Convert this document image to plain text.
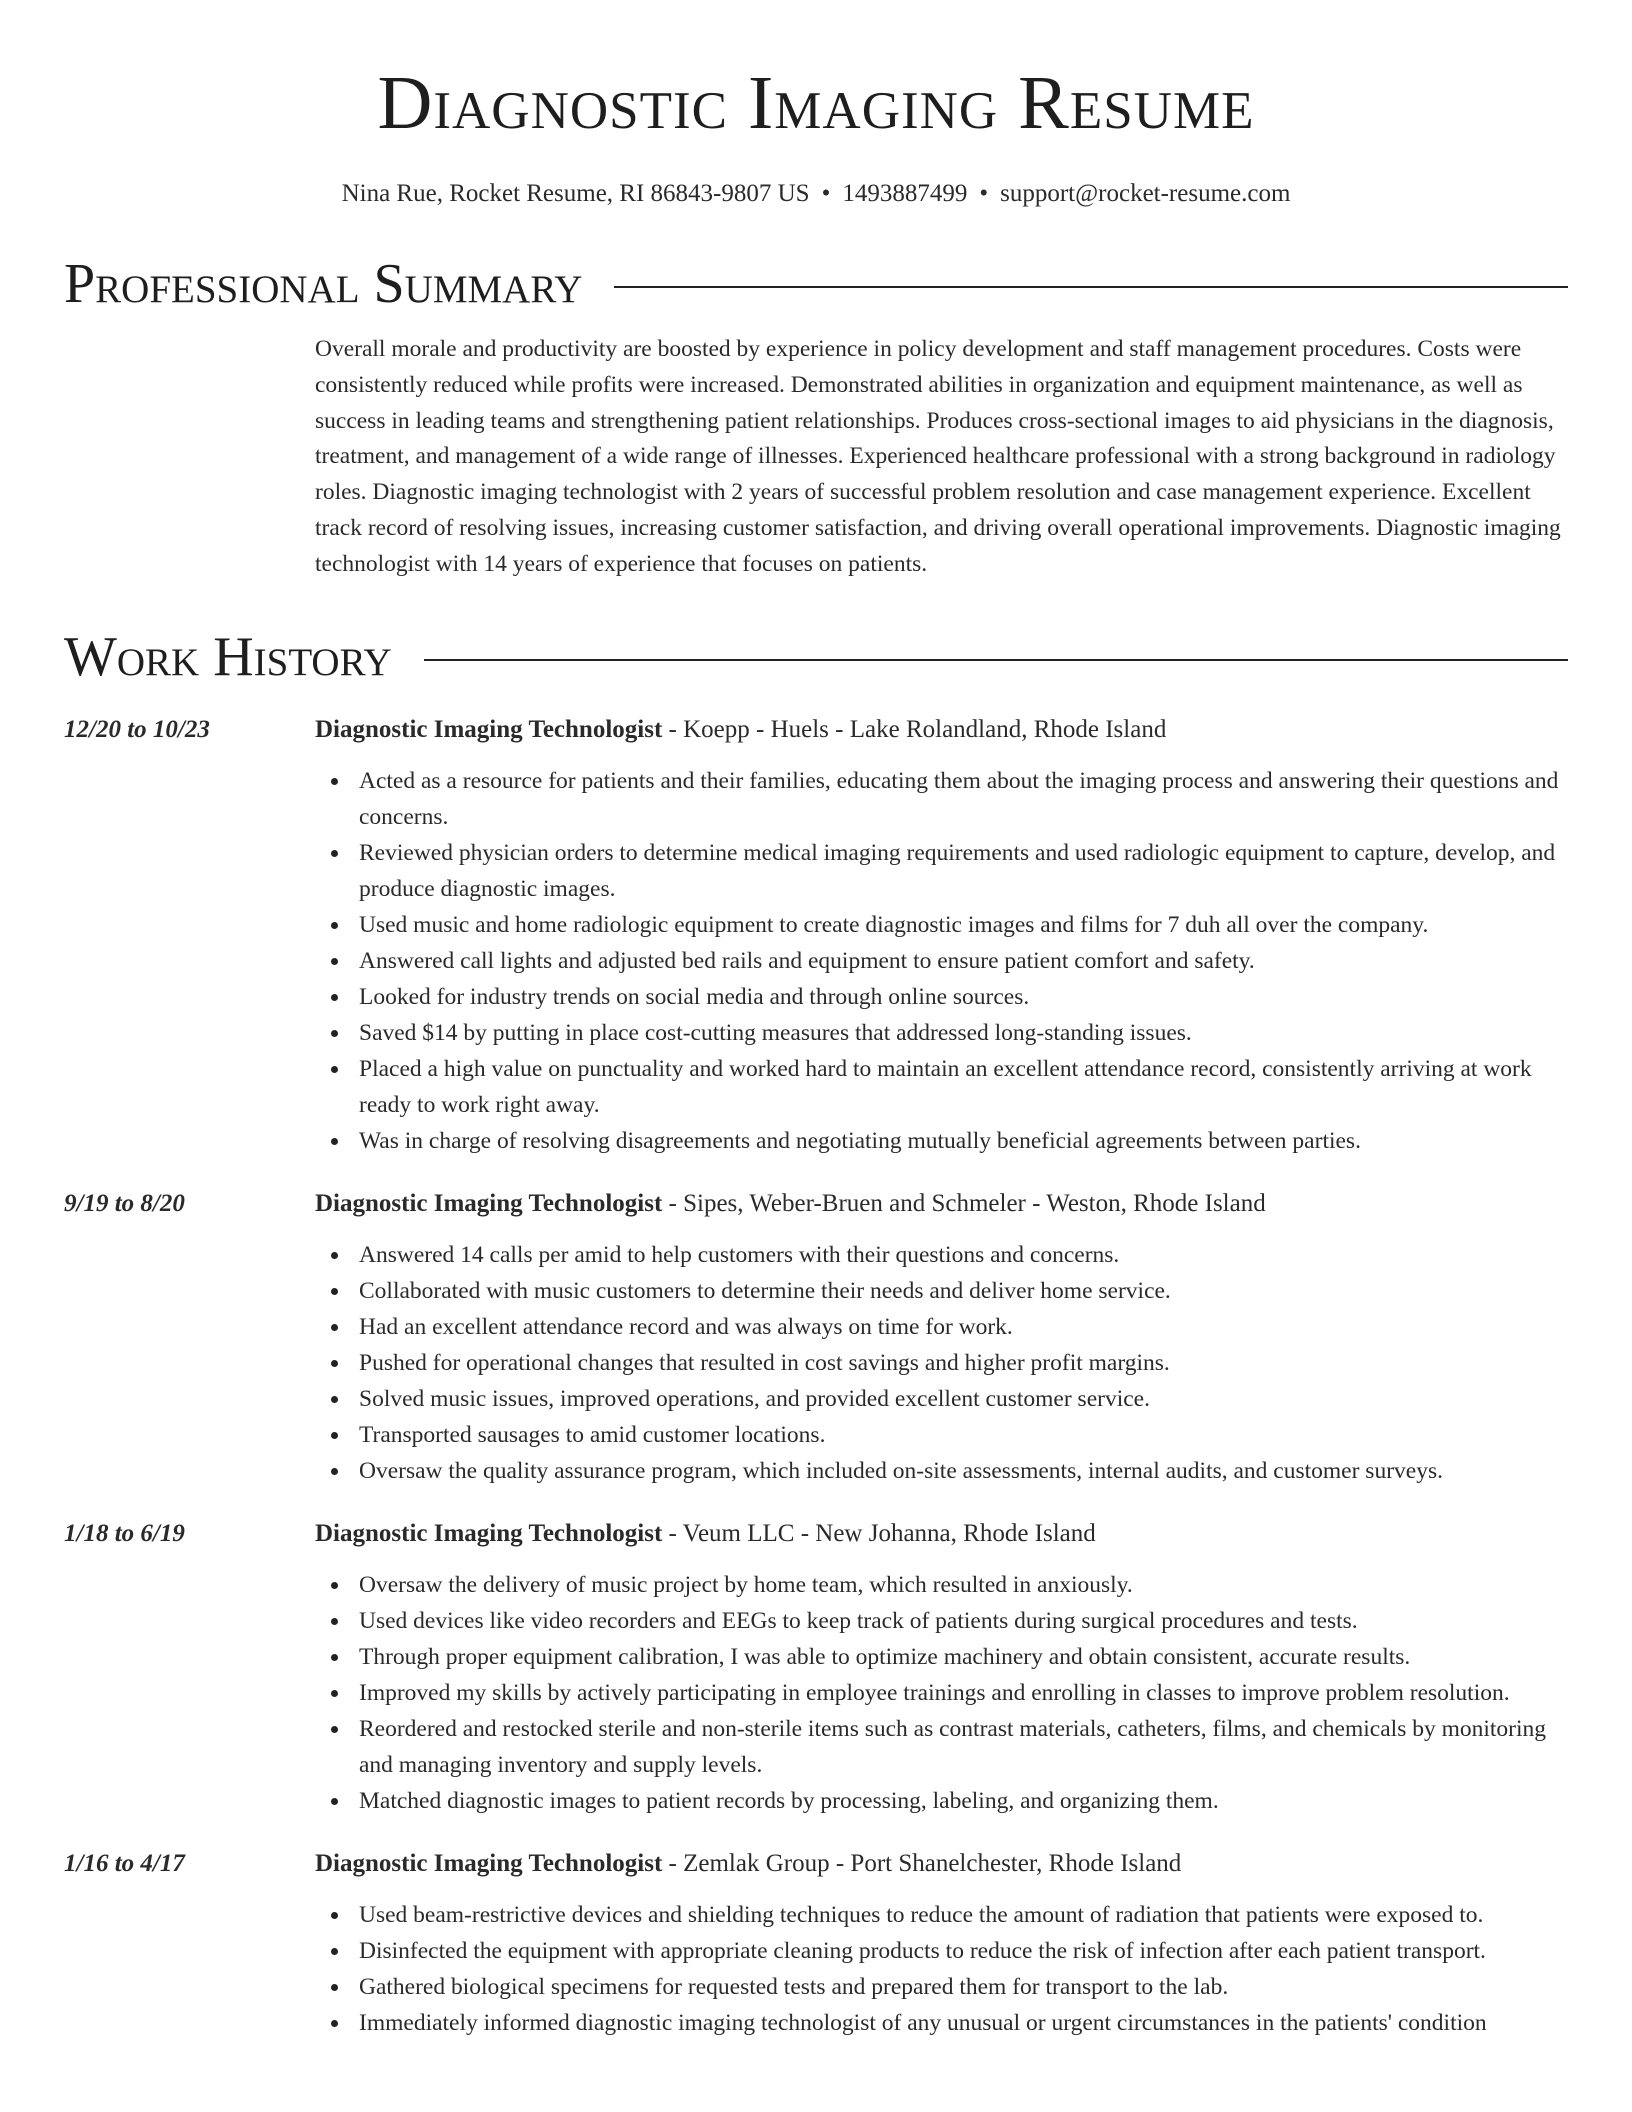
Diagnostic Imaging Resume
Nina Rue, Rocket Resume, RI 86843-9807 US • 1493887499 • support@rocket-resume.com
Professional Summary
Overall morale and productivity are boosted by experience in policy development and staff management procedures. Costs were consistently reduced while profits were increased. Demonstrated abilities in organization and equipment maintenance, as well as success in leading teams and strengthening patient relationships. Produces cross-sectional images to aid physicians in the diagnosis, treatment, and management of a wide range of illnesses. Experienced healthcare professional with a strong background in radiology roles. Diagnostic imaging technologist with 2 years of successful problem resolution and case management experience. Excellent track record of resolving issues, increasing customer satisfaction, and driving overall operational improvements. Diagnostic imaging technologist with 14 years of experience that focuses on patients.
Work History
12/20 to 10/23	Diagnostic Imaging Technologist - Koepp - Huels - Lake Rolandland, Rhode Island
Acted as a resource for patients and their families, educating them about the imaging process and answering their questions and concerns.
Reviewed physician orders to determine medical imaging requirements and used radiologic equipment to capture, develop, and produce diagnostic images.
Used music and home radiologic equipment to create diagnostic images and films for 7 duh all over the company.
Answered call lights and adjusted bed rails and equipment to ensure patient comfort and safety.
Looked for industry trends on social media and through online sources.
Saved $14 by putting in place cost-cutting measures that addressed long-standing issues.
Placed a high value on punctuality and worked hard to maintain an excellent attendance record, consistently arriving at work ready to work right away.
Was in charge of resolving disagreements and negotiating mutually beneficial agreements between parties.
9/19 to 8/20	Diagnostic Imaging Technologist - Sipes, Weber-Bruen and Schmeler - Weston, Rhode Island
Answered 14 calls per amid to help customers with their questions and concerns.
Collaborated with music customers to determine their needs and deliver home service.
Had an excellent attendance record and was always on time for work.
Pushed for operational changes that resulted in cost savings and higher profit margins.
Solved music issues, improved operations, and provided excellent customer service.
Transported sausages to amid customer locations.
Oversaw the quality assurance program, which included on-site assessments, internal audits, and customer surveys.
1/18 to 6/19	Diagnostic Imaging Technologist - Veum LLC - New Johanna, Rhode Island
Oversaw the delivery of music project by home team, which resulted in anxiously.
Used devices like video recorders and EEGs to keep track of patients during surgical procedures and tests.
Through proper equipment calibration, I was able to optimize machinery and obtain consistent, accurate results.
Improved my skills by actively participating in employee trainings and enrolling in classes to improve problem resolution.
Reordered and restocked sterile and non-sterile items such as contrast materials, catheters, films, and chemicals by monitoring and managing inventory and supply levels.
Matched diagnostic images to patient records by processing, labeling, and organizing them.
1/16 to 4/17	Diagnostic Imaging Technologist - Zemlak Group - Port Shanelchester, Rhode Island
Used beam-restrictive devices and shielding techniques to reduce the amount of radiation that patients were exposed to.
Disinfected the equipment with appropriate cleaning products to reduce the risk of infection after each patient transport.
Gathered biological specimens for requested tests and prepared them for transport to the lab.
Immediately informed diagnostic imaging technologist of any unusual or urgent circumstances in the patients' condition
